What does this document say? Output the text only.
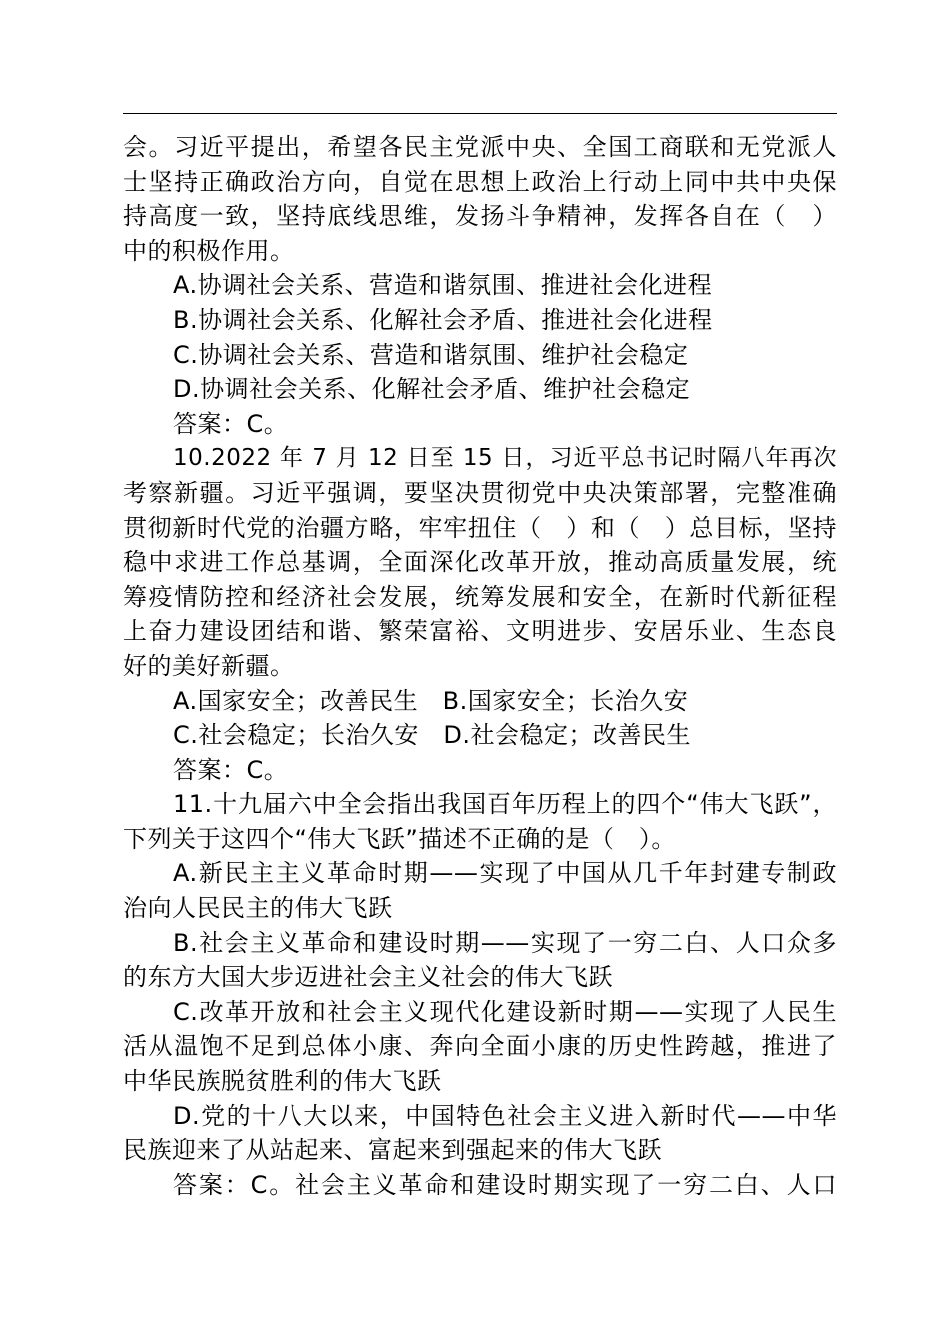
会。习近平提出，希望各民主党派中央、全国工商联和无党派人
士坚持正确政治方向，自觉在思想上政治上行动上同中共中央保
持高度一致，坚持底线思维，发扬斗争精神，发挥各自在（　）
中的积极作用。
A.协调社会关系、营造和谐氛围、推进社会化进程
B.协调社会关系、化解社会矛盾、推进社会化进程
C.协调社会关系、营造和谐氛围、维护社会稳定
D.协调社会关系、化解社会矛盾、维护社会稳定
答案：C。
10.2022 年 7 月 12 日至 15 日，习近平总书记时隔八年再次
考察新疆。习近平强调，要坚决贯彻党中央决策部署，完整准确
贯彻新时代党的治疆方略，牢牢扭住（　）和（　）总目标，坚持
稳中求进工作总基调，全面深化改革开放，推动高质量发展，统
筹疫情防控和经济社会发展，统筹发展和安全，在新时代新征程
上奋力建设团结和谐、繁荣富裕、文明进步、安居乐业、生态良
好的美好新疆。
A.国家安全；改善民生　B.国家安全；长治久安
C.社会稳定；长治久安　D.社会稳定；改善民生
答案：C。
11.十九届六中全会指出我国百年历程上的四个“伟大飞跃”，
下列关于这四个“伟大飞跃”描述不正确的是（　）。
A.新民主主义革命时期——实现了中国从几千年封建专制政
治向人民民主的伟大飞跃
B.社会主义革命和建设时期——实现了一穷二白、人口众多
的东方大国大步迈进社会主义社会的伟大飞跃
C.改革开放和社会主义现代化建设新时期——实现了人民生
活从温饱不足到总体小康、奔向全面小康的历史性跨越，推进了
中华民族脱贫胜利的伟大飞跃
D.党的十八大以来，中国特色社会主义进入新时代——中华
民族迎来了从站起来、富起来到强起来的伟大飞跃
答案：C。社会主义革命和建设时期实现了一穷二白、人口
